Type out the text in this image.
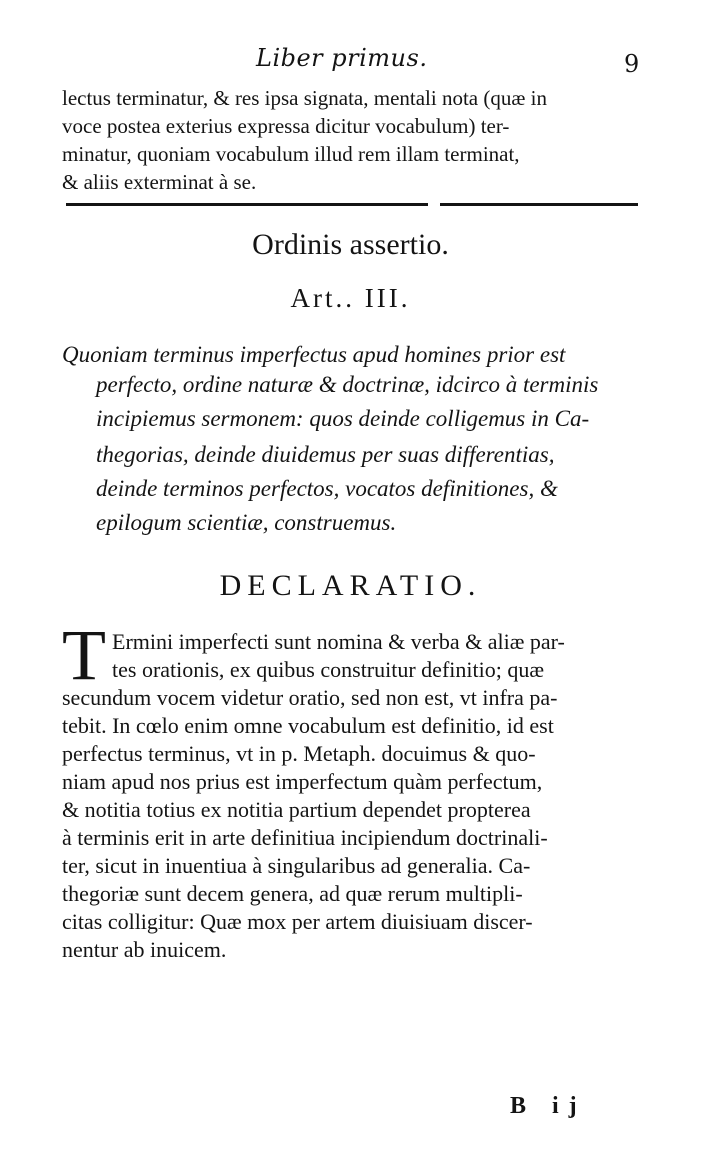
Liber primus.	9
lectus terminatur, & res ipsa signata, mentali nota (quæ in
voce postea exterius expressa dicitur vocabulum) ter-
minatur, quoniam vocabulum illud rem illam terminat,
& aliis exterminat à se.
Ordinis assertio.
Art.. III.
Quoniam terminus imperfectus apud homines prior est
perfecto, ordine naturæ & doctrinæ, idcirco à terminis
incipiemus sermonem: quos deinde colligemus in Ca-
thegorias, deinde diuidemus per suas differentias,
deinde terminos perfectos, vocatos definitiones, &
epilogum scientiæ, construemus.
DECLARATIO.
T Ermini imperfecti sunt nomina & verba & aliæ par-
tes orationis, ex quibus construitur definitio; quæ
secundum vocem videtur oratio, sed non est, vt infra pa-
tebit. In cœlo enim omne vocabulum est definitio, id est
perfectus terminus, vt in p. Metaph. docuimus & quo-
niam apud nos prius est imperfectum quàm perfectum,
& notitia totius ex notitia partium dependet propterea
à terminis erit in arte definitiua incipiendum doctrinali-
ter, sicut in inuentiua à singularibus ad generalia. Ca-
thegoriæ sunt decem genera, ad quæ rerum multipli-
citas colligitur: Quæ mox per artem diuisiuam discer-
nentur ab inuicem.
B ij
